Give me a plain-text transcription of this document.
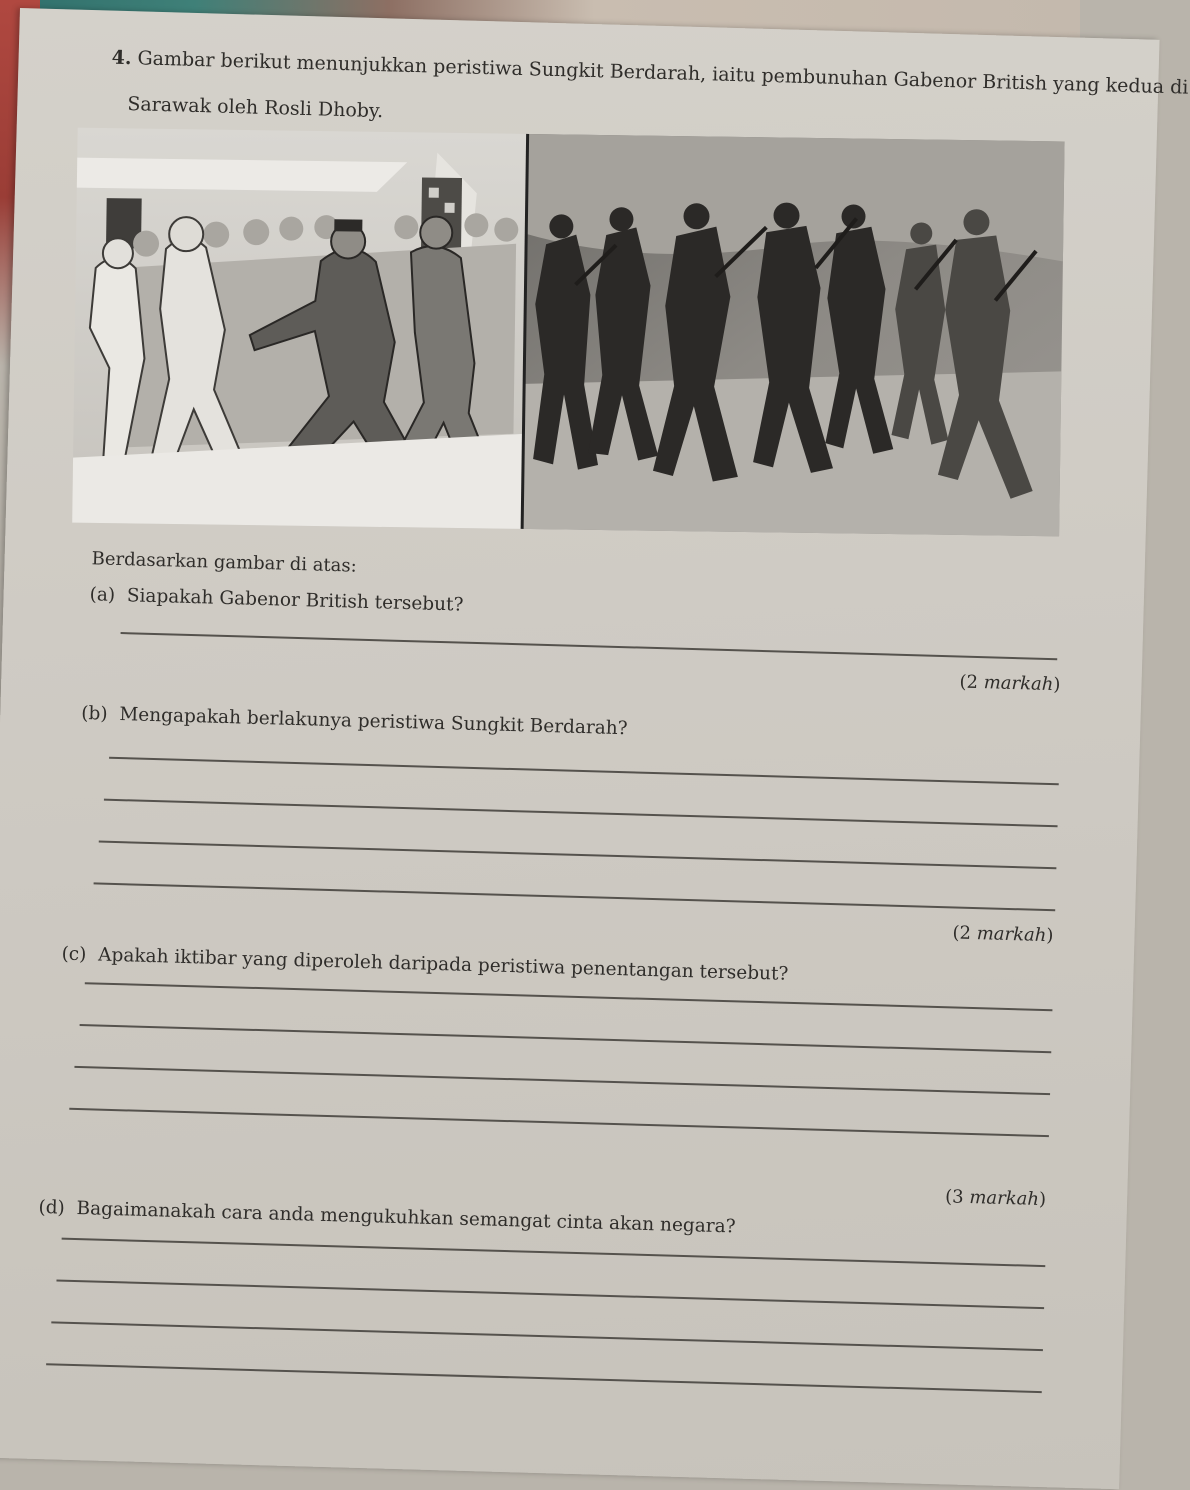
4. Gambar berikut menunjukkan peristiwa Sungkit Berdarah, iaitu pembunuhan Gabenor British yang kedua di
Sarawak oleh Rosli Dhoby.
Berdasarkan gambar di atas:
(a) Siapakah Gabenor British tersebut?
(2 markah)
(b) Mengapakah berlakunya peristiwa Sungkit Berdarah?
(2 markah)
(c) Apakah iktibar yang diperoleh daripada peristiwa penentangan tersebut?
(3 markah)
(d) Bagaimanakah cara anda mengukuhkan semangat cinta akan negara?
